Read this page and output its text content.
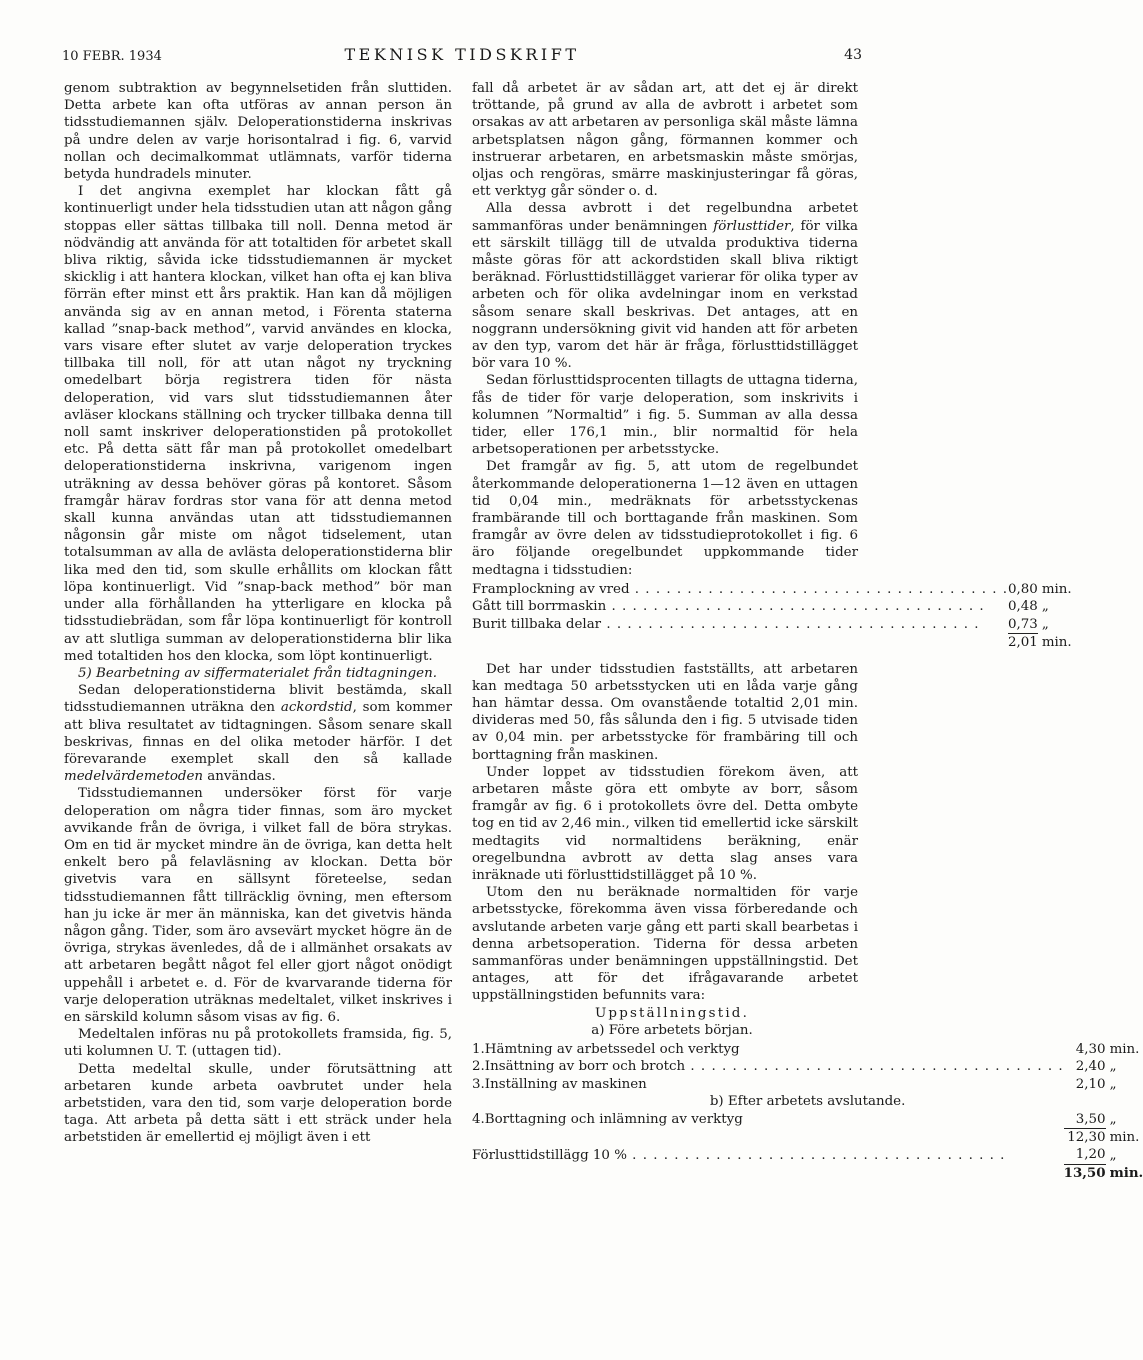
10 FEBR. 1934	TEKNISK TIDSKRIFT	43

genom subtraktion av begynnelsetiden från sluttiden. Detta arbete kan ofta utföras av annan person än tidsstudiemannen själv. Deloperationstiderna inskrivas på undre delen av varje horisontalrad i fig. 6, varvid nollan och decimalkommat utlämnats, varför tiderna betyda hundradels minuter.

I det angivna exemplet har klockan fått gå kontinuerligt under hela tidsstudien utan att någon gång stoppas eller sättas tillbaka till noll. Denna metod är nödvändig att använda för att totaltiden för arbetet skall bliva riktig, såvida icke tidsstudiemannen är mycket skicklig i att hantera klockan, vilket han ofta ej kan bliva förrän efter minst ett års praktik. Han kan då möjligen använda sig av en annan metod, i Förenta staterna kallad ”snap-back method”, varvid användes en klocka, vars visare efter slutet av varje deloperation tryckes tillbaka till noll, för att utan något ny tryckning omedelbart börja registrera tiden för nästa deloperation, vid vars slut tidsstudiemannen åter avläser klockans ställning och trycker tillbaka denna till noll samt inskriver deloperationstiden på protokollet etc. På detta sätt får man på protokollet omedelbart deloperationstiderna inskrivna, varigenom ingen uträkning av dessa behöver göras på kontoret. Såsom framgår härav fordras stor vana för att denna metod skall kunna användas utan att tidsstudiemannen någonsin går miste om något tidselement, utan totalsumman av alla de avlästa deloperationstiderna blir lika med den tid, som skulle erhållits om klockan fått löpa kontinuerligt. Vid ”snap-back method” bör man under alla förhållanden ha ytterligare en klocka på tidsstudiebrädan, som får löpa kontinuerligt för kontroll av att slutliga summan av deloperationstiderna blir lika med totaltiden hos den klocka, som löpt kontinuerligt.

5) Bearbetning av siffermaterialet från tidtagningen.

Sedan deloperationstiderna blivit bestämda, skall tidsstudiemannen uträkna den ackordstid, som kommer att bliva resultatet av tidtagningen. Såsom senare skall beskrivas, finnas en del olika metoder härför. I det förevarande exemplet skall den så kallade medelvärdemetoden användas.

Tidsstudiemannen undersöker först för varje deloperation om några tider finnas, som äro mycket avvikande från de övriga, i vilket fall de böra strykas. Om en tid är mycket mindre än de övriga, kan detta helt enkelt bero på felavläsning av klockan. Detta bör givetvis vara en sällsynt företeelse, sedan tidsstudiemannen fått tillräcklig övning, men eftersom han ju icke är mer än människa, kan det givetvis hända någon gång. Tider, som äro avsevärt mycket högre än de övriga, strykas ävenledes, då de i allmänhet orsakats av att arbetaren begått något fel eller gjort något onödigt uppehåll i arbetet e. d. För de kvarvarande tiderna för varje deloperation uträknas medeltalet, vilket inskrives i en särskild kolumn såsom visas av fig. 6.

Medeltalen införas nu på protokollets framsida, fig. 5, uti kolumnen U. T. (uttagen tid).

Detta medeltal skulle, under förutsättning att arbetaren kunde arbeta oavbrutet under hela arbetstiden, vara den tid, som varje deloperation borde taga. Att arbeta på detta sätt i ett sträck under hela arbetstiden är emellertid ej möjligt även i ett

fall då arbetet är av sådan art, att det ej är direkt tröttande, på grund av alla de avbrott i arbetet som orsakas av att arbetaren av personliga skäl måste lämna arbetsplatsen någon gång, förmannen kommer och instruerar arbetaren, en arbetsmaskin måste smörjas, oljas och rengöras, smärre maskinjusteringar få göras, ett verktyg går sönder o. d.

Alla dessa avbrott i det regelbundna arbetet sammanföras under benämningen förlusttider, för vilka ett särskilt tillägg till de utvalda produktiva tiderna måste göras för att ackordstiden skall bliva riktigt beräknad. Förlusttidstillägget varierar för olika typer av arbeten och för olika avdelningar inom en verkstad såsom senare skall beskrivas. Det antages, att en noggrann undersökning givit vid handen att för arbeten av den typ, varom det här är fråga, förlusttidstillägget bör vara 10 %.

Sedan förlusttidsprocenten tillagts de uttagna tiderna, fås de tider för varje deloperation, som inskrivits i kolumnen ”Normaltid” i fig. 5. Summan av alla dessa tider, eller 176,1 min., blir normaltid för hela arbetsoperationen per arbetsstycke.

Det framgår av fig. 5, att utom de regelbundet återkommande deloperationerna 1—12 även en uttagen tid 0,04 min., medräknats för arbetsstyckenas frambärande till och borttagande från maskinen. Som framgår av övre delen av tidsstudieprotokollet i fig. 6 äro följande oregelbundet uppkommande tider medtagna i tidsstudien:

Framplockning av vred . . .	0,80	min.

Gått till borrmaskin . . .	0,48	„

Burit tillbaka delar . . .	0,73	„
	2,01	min.

Det har under tidsstudien fastställts, att arbetaren kan medtaga 50 arbetsstycken uti en låda varje gång han hämtar dessa. Om ovanstående totaltid 2,01 min. divideras med 50, fås sålunda den i fig. 5 utvisade tiden av 0,04 min. per arbetsstycke för frambäring till och borttagning från maskinen.

Under loppet av tidsstudien förekom även, att arbetaren måste göra ett ombyte av borr, såsom framgår av fig. 6 i protokollets övre del. Detta ombyte tog en tid av 2,46 min., vilken tid emellertid icke särskilt medtagits vid normaltidens beräkning, enär oregelbundna avbrott av detta slag anses vara inräknade uti förlusttidstillägget på 10 %.

Utom den nu beräknade normaltiden för varje arbetsstycke, förekomma även vissa förberedande och avslutande arbeten varje gång ett parti skall bearbetas i denna arbetsoperation. Tiderna för dessa arbeten sammanföras under benämningen uppställningstid. Det antages, att för det ifrågavarande arbetet uppställningstiden befunnits vara:

Uppställningstid.

a) Före arbetets början.

1.	Hämtning av arbetssedel och verktyg	4,30	min.
2.	Insättning av borr och brotch . . .	2,40	„
3.	Inställning av maskinen	2,10	„
b) Efter arbetets avslutande.			
4.	Borttagning och inlämning av verktyg	3,50	„
		12,30	min.

Förlusttidstillägg 10 % . . .		1,20	„
		13,50	min.
